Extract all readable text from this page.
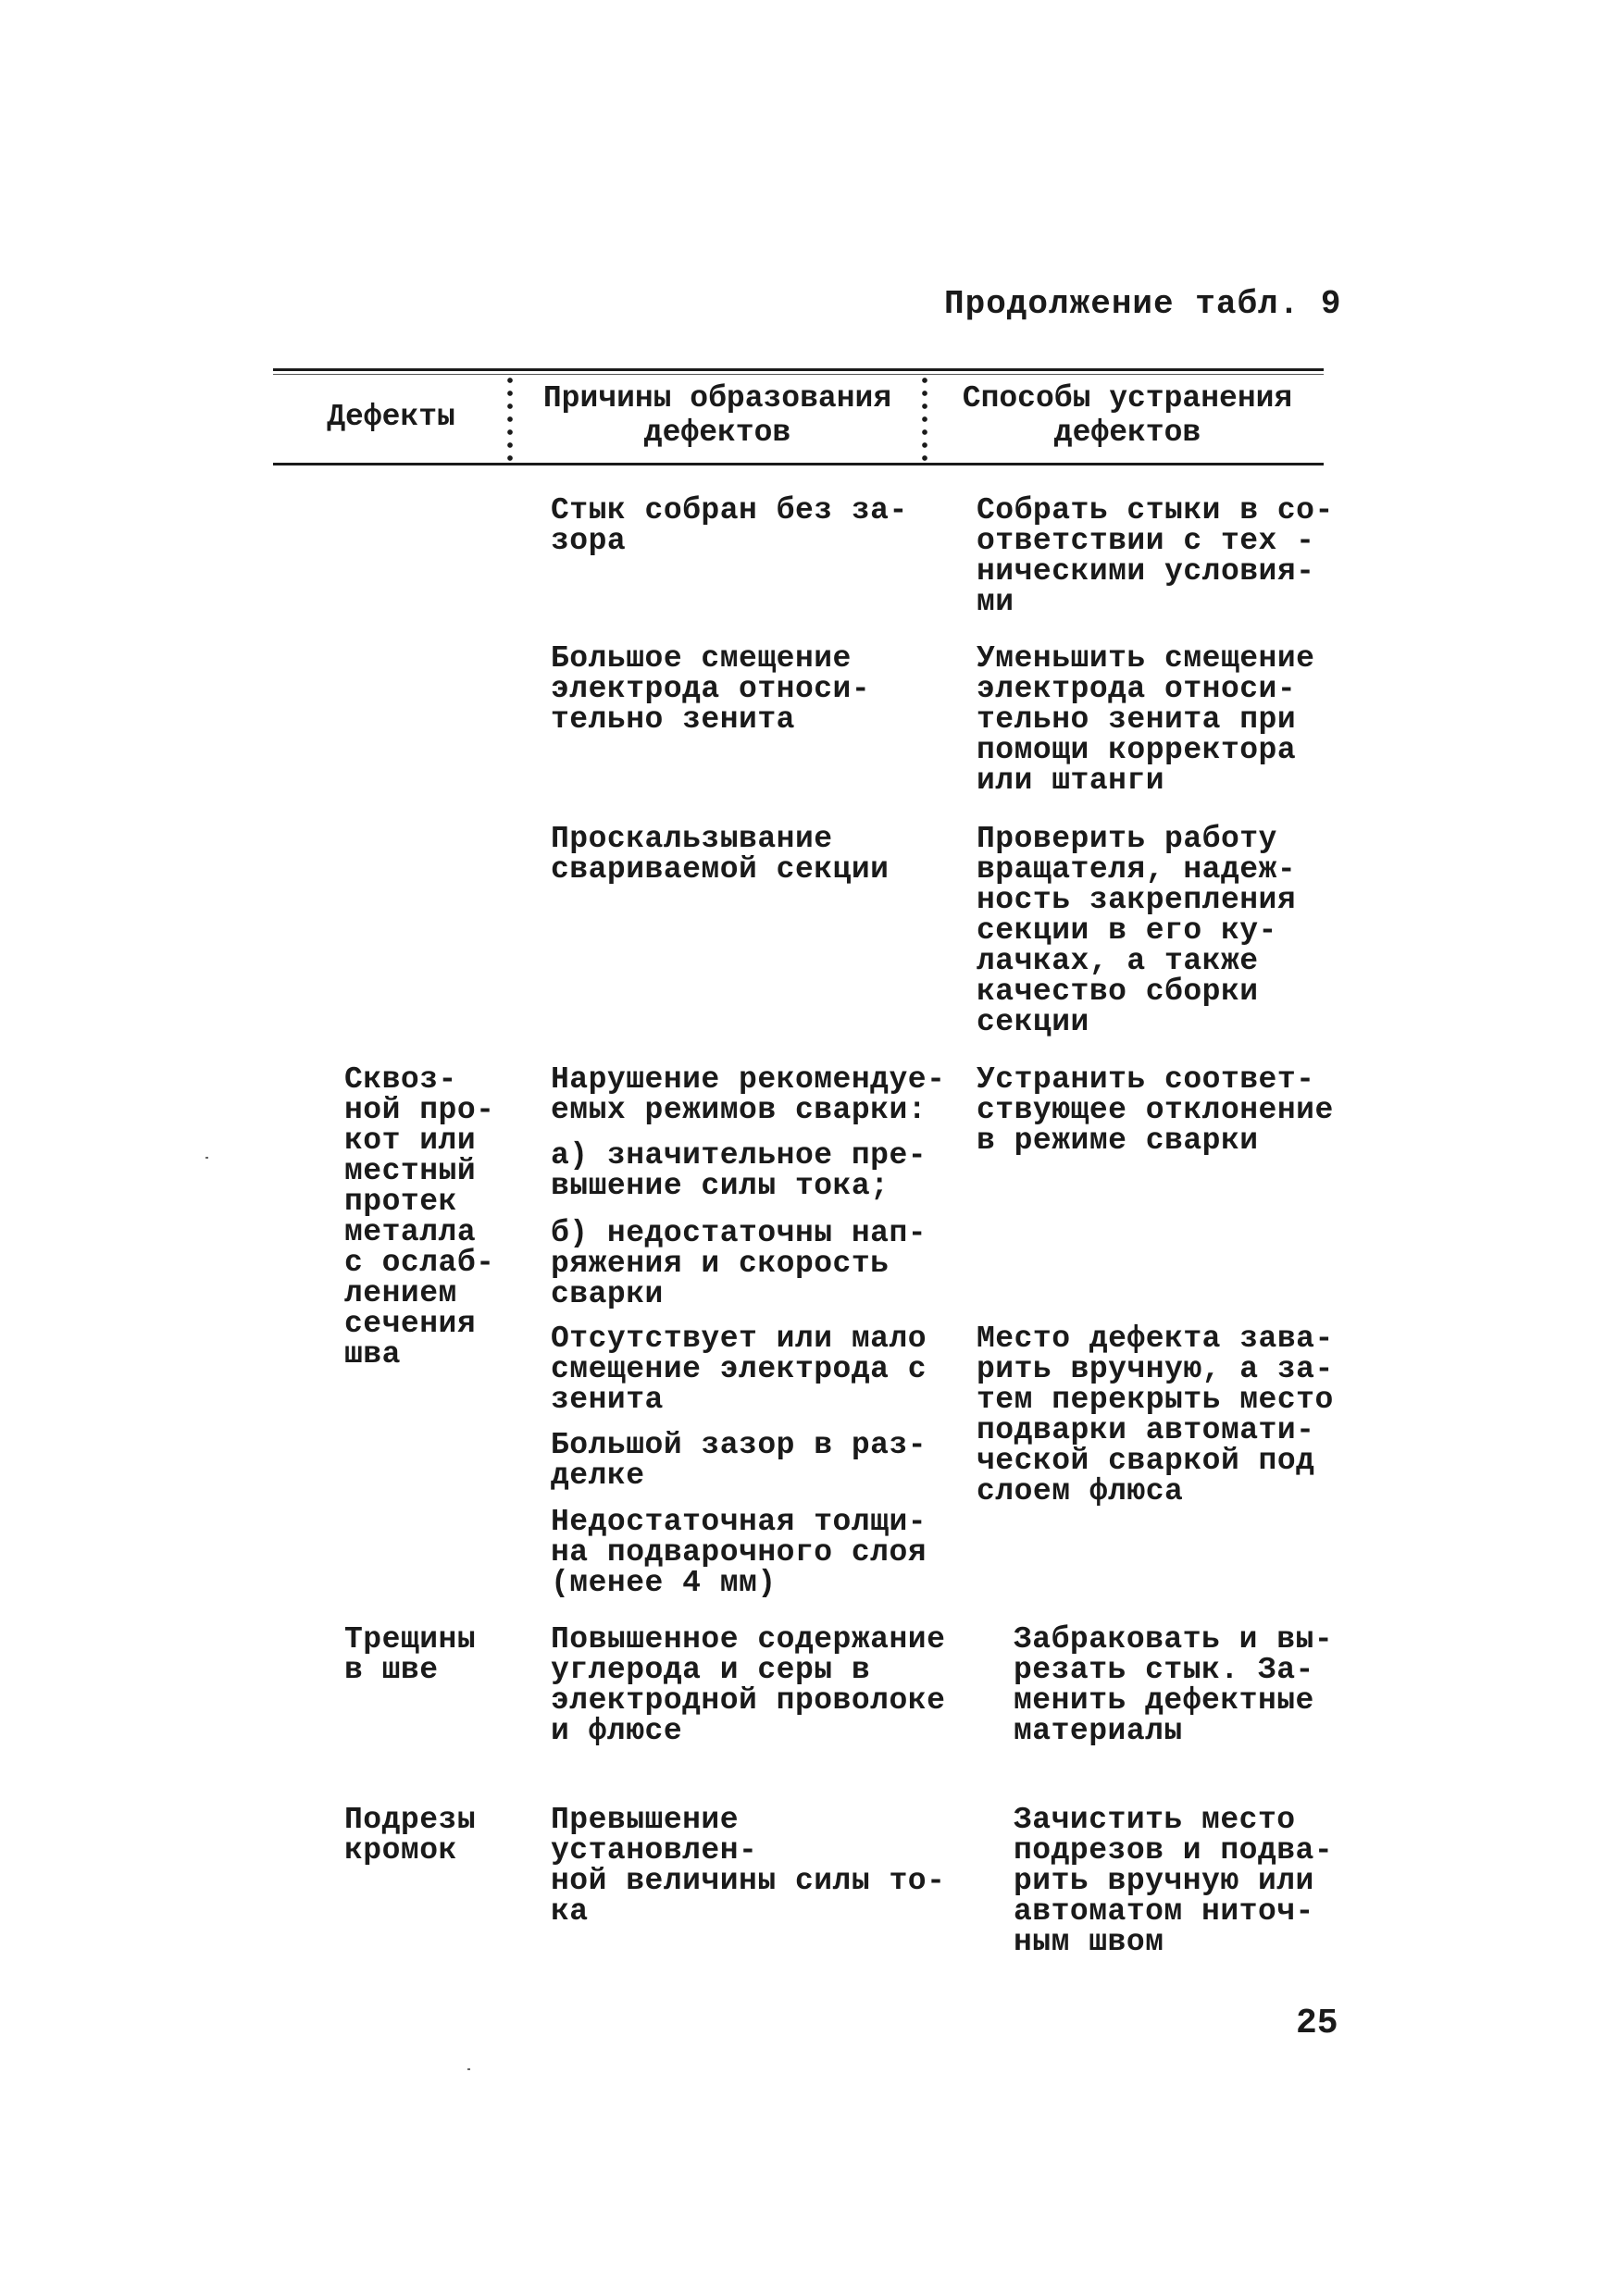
Продолжение табл. 9
Дефекты
Причины образования
дефектов
Способы устранения
дефектов
Стык собран без за-
зора
Большое смещение
электрода относи-
тельно зенита
Проскальзывание
свариваемой секции
Нарушение рекомендуе-
емых режимов сварки:
а) значительное пре-
вышение силы тока;
б) недостаточны нап-
ряжения и скорость
сварки
Отсутствует или мало
смещение электрода с
зенита
Большой зазор в раз-
делке
Недостаточная толщи-
на подварочного слоя
(менее 4 мм)
Повышенное содержание
углерода и серы в
электродной проволоке
и флюсе
Превышение установлен-
ной величины силы то-
ка
Собрать стыки в со-
ответствии с тех -
ническими условия-
ми
Уменьшить смещение
электрода относи-
тельно зенита при
помощи корректора
или штанги
Проверить работу
вращателя, надеж-
ность закрепления
секции в его ку-
лачках, а также
качество сборки
секции
Устранить соответ-
ствующее отклонение
в режиме сварки
Место дефекта зава-
рить вручную, а за-
тем перекрыть место
подварки автомати-
ческой сваркой под
слоем флюса
Забраковать и вы-
резать стык. За-
менить дефектные
материалы
Зачистить место
подрезов и подва-
рить вручную или
автоматом ниточ-
ным швом
Сквоз-
ной про-
кот или
местный
протек
металла
с ослаб-
лением
сечения
шва
Трещины
в шве
Подрезы
кромок
25
